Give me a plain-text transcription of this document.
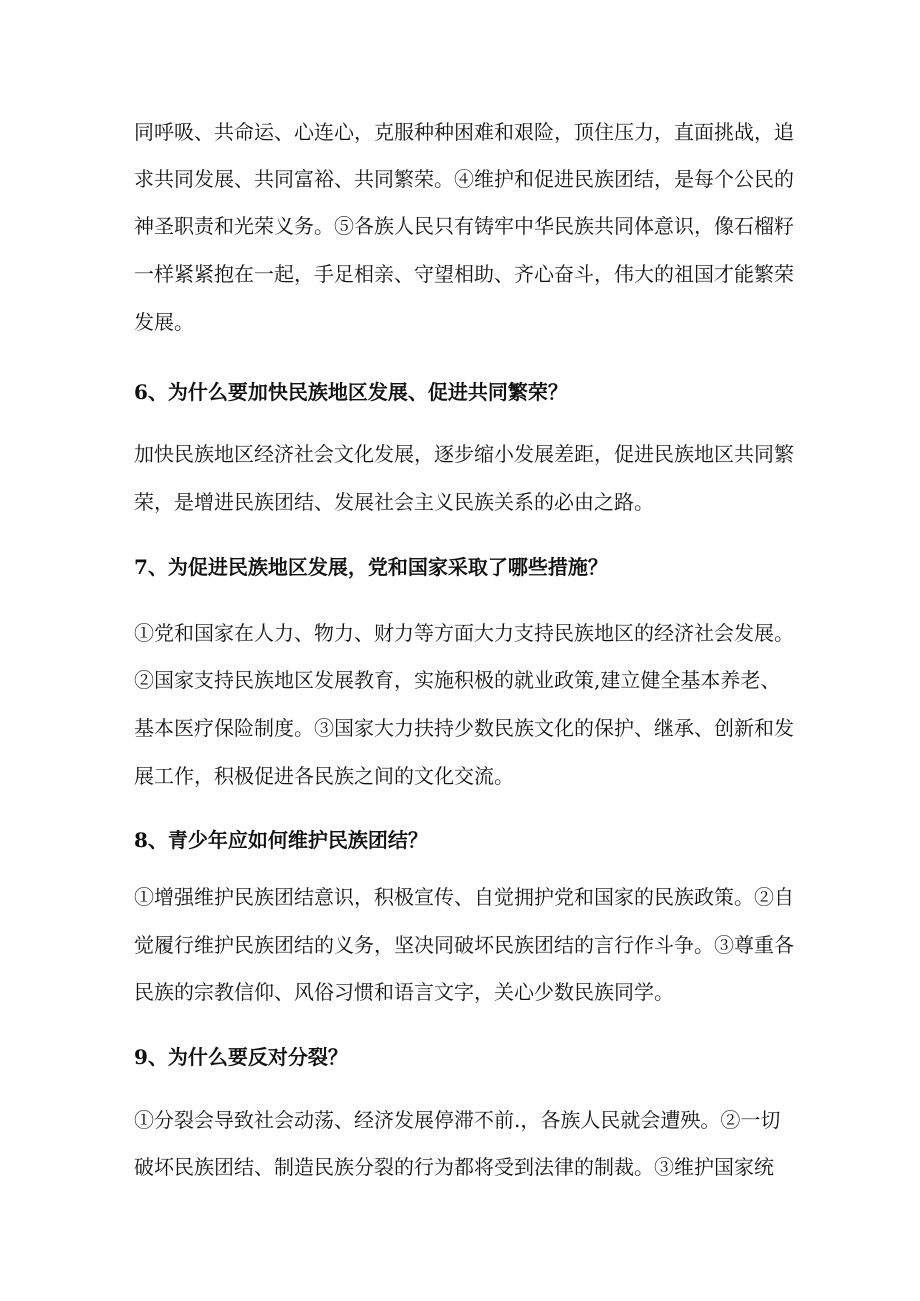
同呼吸、共命运、心连心，克服种种困难和艰险，顶住压力，直面挑战，追
求共同发展、共同富裕、共同繁荣。④维护和促进民族团结，是每个公民的
神圣职责和光荣义务。⑤各族人民只有铸牢中华民族共同体意识，像石榴籽
一样紧紧抱在一起，手足相亲、守望相助、齐心奋斗，伟大的祖国才能繁荣
发展。
6、为什么要加快民族地区发展、促进共同繁荣？
加快民族地区经济社会文化发展，逐步缩小发展差距，促进民族地区共同繁
荣，是增进民族团结、发展社会主义民族关系的必由之路。
7、为促进民族地区发展，党和国家采取了哪些措施？
①党和国家在人力、物力、财力等方面大力支持民族地区的经济社会发展。
②国家支持民族地区发展教育，实施积极的就业政策,建立健全基本养老、
基本医疗保险制度。③国家大力扶持少数民族文化的保护、继承、创新和发
展工作，积极促进各民族之间的文化交流。
8、青少年应如何维护民族团结？
①增强维护民族团结意识，积极宣传、自觉拥护党和国家的民族政策。②自
觉履行维护民族团结的义务，坚决同破坏民族团结的言行作斗争。③尊重各
民族的宗教信仰、风俗习惯和语言文字，关心少数民族同学。
9、为什么要反对分裂？
①分裂会导致社会动荡、经济发展停滞不前.，各族人民就会遭殃。②一切
破坏民族团结、制造民族分裂的行为都将受到法律的制裁。③维护国家统
